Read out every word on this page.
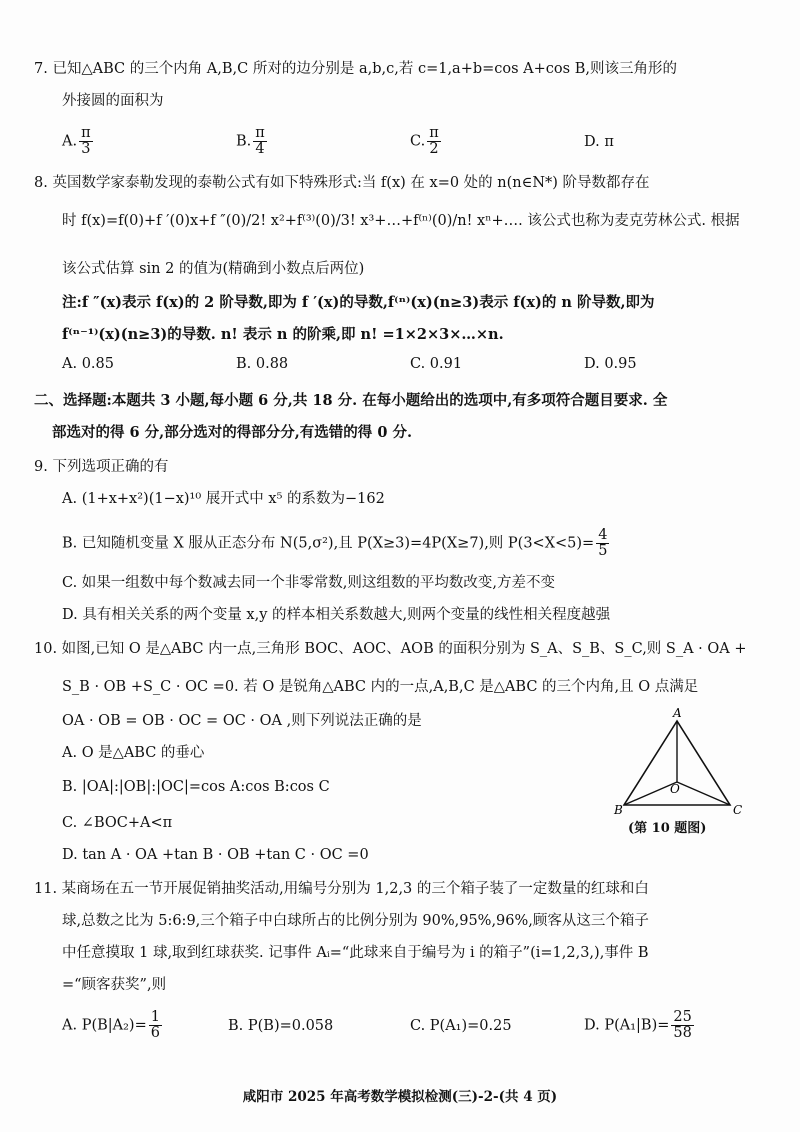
7. 已知△ABC 的三个内角 A,B,C 所对的边分别是 a,b,c,若 c=1,a+b=cos A+cos B,则该三角形的
外接圆的面积为
A. $\frac{\pi}{3}$	B. $\frac{\pi}{4}$	C. $\frac{\pi}{2}$	D. π
8. 英国数学家泰勒发现的泰勒公式有如下特殊形式:当 f(x) 在 x=0 处的 n(n∈N*) 阶导数都存在
时 f(x)=f(0)+f ′(0)x+f ″(0)/2! x²+f⁽³⁾(0)/3! x³+…+f⁽ⁿ⁾(0)/n! xⁿ+…. 该公式也称为麦克劳林公式. 根据
该公式估算 sin 2 的值为(精确到小数点后两位)
注:f ″(x)表示 f(x)的 2 阶导数,即为 f ′(x)的导数,f⁽ⁿ⁾(x)(n≥3)表示 f(x)的 n 阶导数,即为
f⁽ⁿ⁻¹⁾(x)(n≥3)的导数. n! 表示 n 的阶乘,即 n! =1×2×3×…×n.
A. 0.85	B. 0.88	C. 0.91	D. 0.95
二、选择题:本题共 3 小题,每小题 6 分,共 18 分. 在每小题给出的选项中,有多项符合题目要求. 全
部选对的得 6 分,部分选对的得部分分,有选错的得 0 分.
9. 下列选项正确的有
A. (1+x+x²)(1−x)¹⁰ 展开式中 x⁵ 的系数为−162
B. 已知随机变量 X 服从正态分布 N(5,σ²),且 P(X≥3)=4P(X≥7),则 $P(3<X<5)= \frac{4}{5}$
C. 如果一组数中每个数减去同一个非零常数,则这组数的平均数改变,方差不变
D. 具有相关关系的两个变量 x,y 的样本相关系数越大,则两个变量的线性相关程度越强
10. 如图,已知 O 是△ABC 内一点,三角形 BOC、AOC、AOB 的面积分别为 S_A、S_B、S_C,则 S_A · OA +
S_B · OB +S_C · OC =0. 若 O 是锐角△ABC 内的一点,A,B,C 是△ABC 的三个内角,且 O 点满足
OA · OB = OB · OC = OC · OA ,则下列说法正确的是
A. O 是△ABC 的垂心
B. |OA|:|OB|:|OC|=cos A:cos B:cos C
C. ∠BOC+A<π
D. tan A · OA +tan B · OB +tan C · OC =0
A
B	C
O
(第 10 题图)
11. 某商场在五一节开展促销抽奖活动,用编号分别为 1,2,3 的三个箱子装了一定数量的红球和白
球,总数之比为 5:6:9,三个箱子中白球所占的比例分别为 90%,95%,96%,顾客从这三个箱子
中任意摸取 1 球,取到红球获奖. 记事件 Aᵢ=“此球来自于编号为 i 的箱子”(i=1,2,3,),事件 B
=“顾客获奖”,则
A. $P(B|A_2)= \frac{1}{6}$	B. P(B)=0.058	C. P(A₁)=0.25	D. $P(A_1|B)= \frac{25}{58}$
咸阳市 2025 年高考数学模拟检测(三)-2-(共 4 页)
